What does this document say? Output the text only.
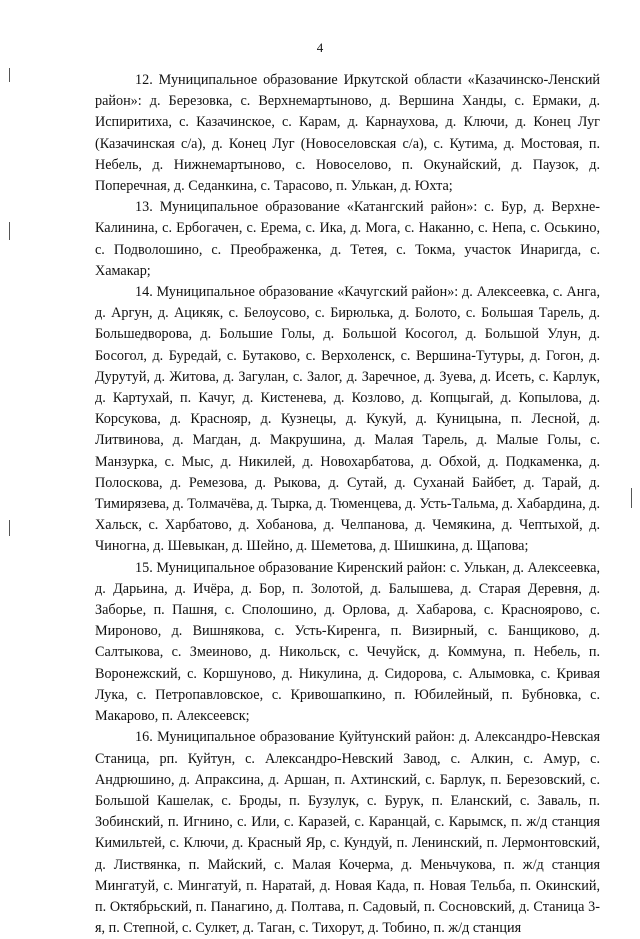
4

12. Муниципальное образование Иркутской области «Казачинско-Ленский район»: д. Березовка, с. Верхнемартыново, д. Вершина Ханды, с. Ермаки, д. Испиритиха, с. Казачинское, с. Карам, д. Карнаухова, д. Ключи, д. Конец Луг (Казачинская с/а), д. Конец Луг (Новоселовская с/а), с. Кутима, д. Мостовая, п. Небель, д. Нижнемартыново, с. Новоселово, п. Окунайский, д. Паузок, д. Поперечная, д. Седанкина, с. Тарасово, п. Улькан, д. Юхта;

13. Муниципальное образование «Катангский район»: с. Бур, д. Верхне-Калинина, с. Ербогачен, с. Ерема, с. Ика, д. Мога, с. Наканно, с. Непа, с. Оськино, с. Подволошино, с. Преображенка, д. Тетея, с. Токма, участок Инаригда, с. Хамакар;

14. Муниципальное образование «Качугский район»: д. Алексеевка, с. Анга, д. Аргун, д. Ацикяк, с. Белоусово, с. Бирюлька, д. Болото, с. Большая Тарель, д. Большедворова, д. Большие Голы, д. Большой Косогол, д. Большой Улун, д. Босогол, д. Буредай, с. Бутаково, с. Верхоленск, с. Вершина-Тутуры, д. Гогон, д. Дурутуй, д. Житова, д. Загулан, с. Залог, д. Заречное, д. Зуева, д. Исеть, с. Карлук, д. Картухай, п. Качуг, д. Кистенева, д. Козлово, д. Копцыгай, д. Копылова, д. Корсукова, д. Краснояр, д. Кузнецы, д. Кукуй, д. Куницына, п. Лесной, д. Литвинова, д. Магдан, д. Макрушина, д. Малая Тарель, д. Малые Голы, с. Манзурка, с. Мыс, д. Никилей, д. Новохарбатова, д. Обхой, д. Подкаменка, д. Полоскова, д. Ремезова, д. Рыкова, д. Сутай, д. Суханай Байбет, д. Тарай, д. Тимирязева, д. Толмачёва, д. Тырка, д. Тюменцева, д. Усть-Тальма, д. Хабардина, д. Хальск, с. Харбатово, д. Хобанова, д. Челпанова, д. Чемякина, д. Чептыхой, д. Чиногна, д. Шевыкан, д. Шейно, д. Шеметова, д. Шишкина, д. Щапова;

15. Муниципальное образование Киренский район: с. Улькан, д. Алексеевка, д. Дарьина, д. Ичёра, д. Бор, п. Золотой, д. Балышева, д. Старая Деревня, д. Заборье, п. Пашня, с. Сполошино, д. Орлова, д. Хабарова, с. Красноярово, с. Мироново, д. Вишнякова, с. Усть-Киренга, п. Визирный, с. Банщиково, д. Салтыкова, с. Змеиново, д. Никольск, с. Чечуйск, д. Коммуна, п. Небель, п. Воронежский, с. Коршуново, д. Никулина, д. Сидорова, с. Алымовка, с. Кривая Лука, с. Петропавловское, с. Кривошапкино, п. Юбилейный, п. Бубновка, с. Макарово, п. Алексеевск;

16. Муниципальное образование Куйтунский район: д. Александро-Невская Станица, рп. Куйтун, с. Александро-Невский Завод, с. Алкин, с. Амур, с. Андрюшино, д. Апраксина, д. Аршан, п. Ахтинский, с. Барлук, п. Березовский, с. Большой Кашелак, с. Броды, п. Бузулук, с. Бурук, п. Еланский, с. Заваль, п. Зобинский, п. Игнино, с. Или, с. Каразей, с. Каранцай, с. Карымск, п. ж/д станция Кимильтей, с. Ключи, д. Красный Яр, с. Кундуй, п. Ленинский, п. Лермонтовский, д. Листвянка, п. Майский, с. Малая Кочерма, д. Меньчукова, п. ж/д станция Мингатуй, с. Мингатуй, п. Наратай, д. Новая Када, п. Новая Тельба, п. Окинский, п. Октябрьский, п. Панагино, д. Полтава, п. Садовый, п. Сосновский, д. Станица 3-я, п. Степной, с. Сулкет, д. Таган, с. Тихорут, д. Тобино, п. ж/д станция
